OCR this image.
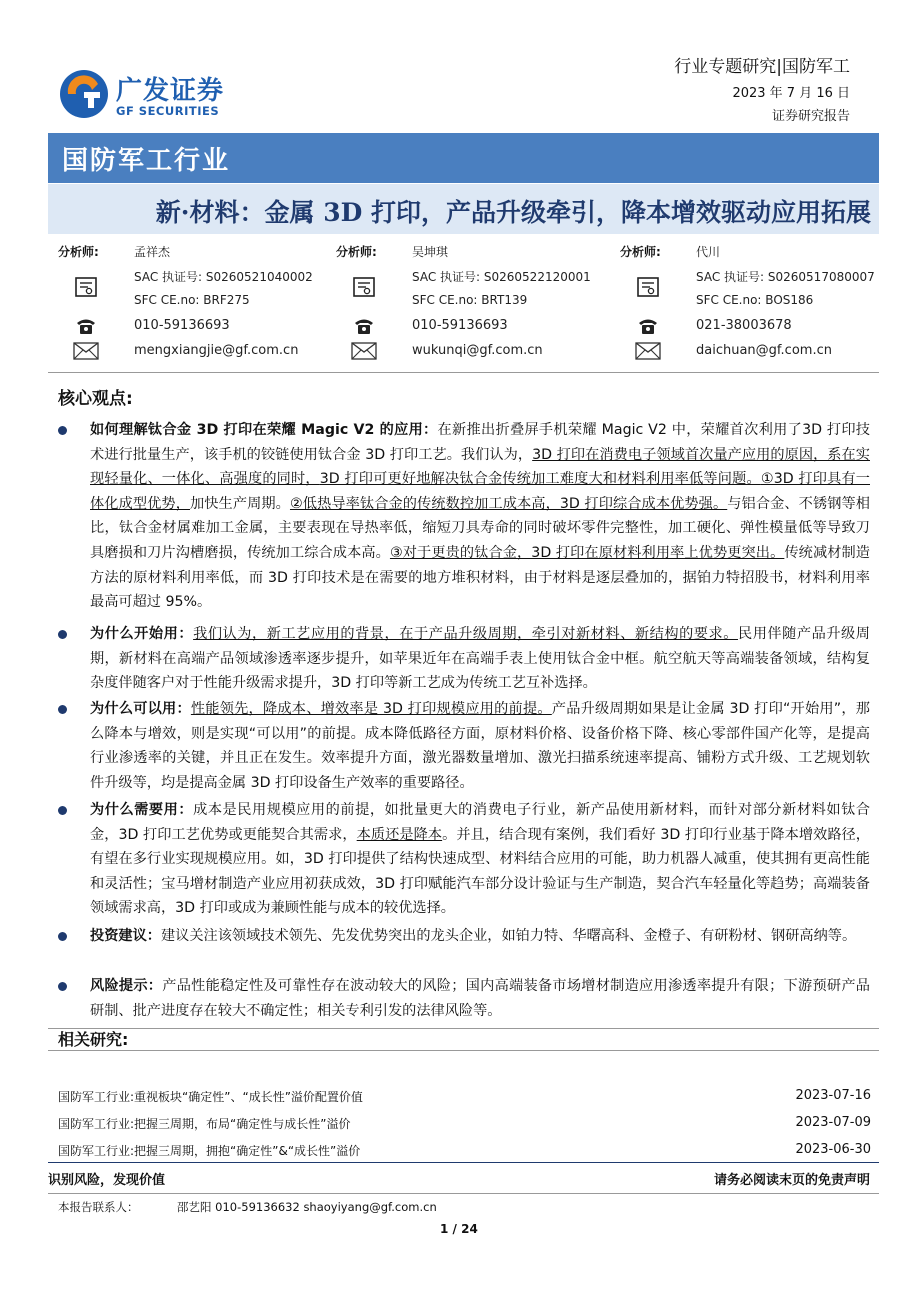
广发证券
GF SECURITIES
行业专题研究|国防军工
2023 年 7 月 16 日
证券研究报告
国防军工行业
新·材料：金属 3D 打印，产品升级牵引，降本增效驱动应用拓展
分析师:	孟祥杰
SAC 执证号: S0260521040002
SFC CE.no: BRF275
010-59136693
mengxiangjie@gf.com.cn
分析师:	吴坤琪
SAC 执证号: S0260522120001
SFC CE.no: BRT139
010-59136693
wukunqi@gf.com.cn
分析师:	代川
SAC 执证号: S0260517080007
SFC CE.no: BOS186
021-38003678
daichuan@gf.com.cn
核心观点:
如何理解钛合金 3D 打印在荣耀 Magic V2 的应用：在新推出折叠屏手机荣耀 Magic V2 中，荣耀首次利用了3D 打印技术进行批量生产，该手机的铰链使用钛合金 3D 打印工艺。我们认为，3D 打印在消费电子领域首次量产应用的原因，系在实现轻量化、一体化、高强度的同时，3D 打印可更好地解决钛合金传统加工难度大和材料利用率低等问题。①3D 打印具有一体化成型优势，加快生产周期。②低热导率钛合金的传统数控加工成本高，3D 打印综合成本优势强。与铝合金、不锈钢等相比，钛合金材属难加工金属，主要表现在导热率低，缩短刀具寿命的同时破坏零件完整性，加工硬化、弹性模量低等导致刀具磨损和刀片沟槽磨损，传统加工综合成本高。③对于更贵的钛合金，3D 打印在原材料利用率上优势更突出。传统减材制造方法的原材料利用率低，而 3D 打印技术是在需要的地方堆积材料，由于材料是逐层叠加的，据铂力特招股书，材料利用率最高可超过 95%。
为什么开始用：我们认为，新工艺应用的背景，在于产品升级周期，牵引对新材料、新结构的要求。民用伴随产品升级周期，新材料在高端产品领域渗透率逐步提升，如苹果近年在高端手表上使用钛合金中框。航空航天等高端装备领域，结构复杂度伴随客户对于性能升级需求提升，3D 打印等新工艺成为传统工艺互补选择。
为什么可以用：性能领先，降成本、增效率是 3D 打印规模应用的前提。产品升级周期如果是让金属 3D 打印“开始用”，那么降本与增效，则是实现“可以用”的前提。成本降低路径方面，原材料价格、设备价格下降、核心零部件国产化等，是提高行业渗透率的关键，并且正在发生。效率提升方面，激光器数量增加、激光扫描系统速率提高、铺粉方式升级、工艺规划软件升级等，均是提高金属 3D 打印设备生产效率的重要路径。
为什么需要用：成本是民用规模应用的前提，如批量更大的消费电子行业，新产品使用新材料，而针对部分新材料如钛合金，3D 打印工艺优势或更能契合其需求，本质还是降本。并且，结合现有案例，我们看好 3D 打印行业基于降本增效路径，有望在多行业实现规模应用。如，3D 打印提供了结构快速成型、材料结合应用的可能，助力机器人减重，使其拥有更高性能和灵活性；宝马增材制造产业应用初获成效，3D 打印赋能汽车部分设计验证与生产制造，契合汽车轻量化等趋势；高端装备领域需求高，3D 打印或成为兼顾性能与成本的较优选择。
投资建议：建议关注该领域技术领先、先发优势突出的龙头企业，如铂力特、华曙高科、金橙子、有研粉材、钢研高纳等。
风险提示：产品性能稳定性及可靠性存在波动较大的风险；国内高端装备市场增材制造应用渗透率提升有限；下游预研产品研制、批产进度存在较大不确定性；相关专利引发的法律风险等。
相关研究:
国防军工行业:重视板块“确定性”、“成长性”溢价配置价值	2023-07-16
国防军工行业:把握三周期，布局“确定性与成长性”溢价	2023-07-09
国防军工行业:把握三周期，拥抱“确定性”&“成长性”溢价	2023-06-30
识别风险，发现价值	请务必阅读末页的免责声明
本报告联系人：	邵艺阳 010-59136632 shaoyiyang@gf.com.cn
1 / 24
